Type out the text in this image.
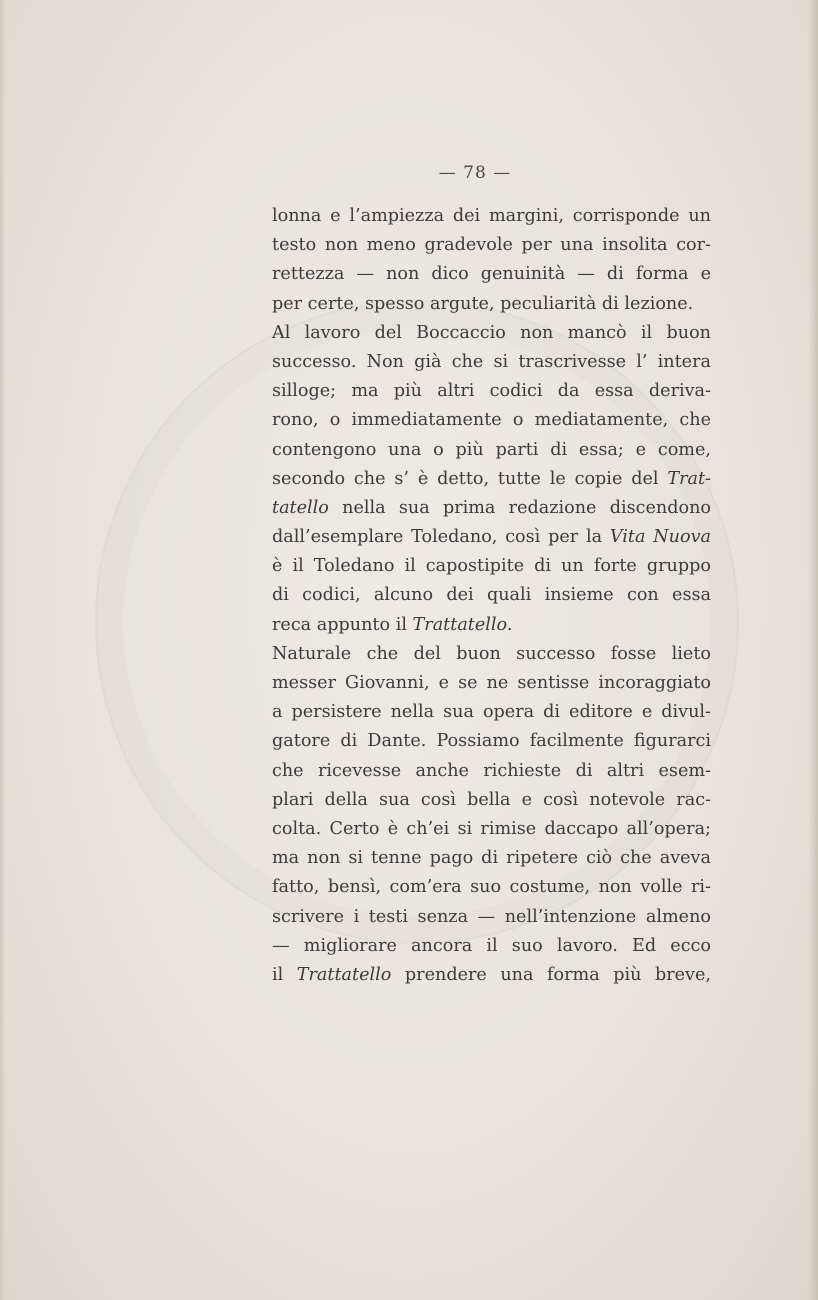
— 78 —
lonna e l’ampiezza dei margini, corrisponde un
testo non meno gradevole per una insolita cor-
rettezza — non dico genuinità — di forma e
per certe, spesso argute, peculiarità di lezione.
Al lavoro del Boccaccio non mancò il buon
successo. Non già che si trascrivesse l’ intera
silloge; ma più altri codici da essa deriva-
rono, o immediatamente o mediatamente, che
contengono una o più parti di essa; e come,
secondo che s’ è detto, tutte le copie del Trat-
tatello nella sua prima redazione discendono
dall’esemplare Toledano, così per la Vita Nuova
è il Toledano il capostipite di un forte gruppo
di codici, alcuno dei quali insieme con essa
reca appunto il Trattatello.
Naturale che del buon successo fosse lieto
messer Giovanni, e se ne sentisse incoraggiato
a persistere nella sua opera di editore e divul-
gatore di Dante. Possiamo facilmente figurarci
che ricevesse anche richieste di altri esem-
plari della sua così bella e così notevole rac-
colta. Certo è ch’ei si rimise daccapo all’opera;
ma non si tenne pago di ripetere ciò che aveva
fatto, bensì, com’era suo costume, non volle ri-
scrivere i testi senza — nell’intenzione almeno
— migliorare ancora il suo lavoro. Ed ecco
il Trattatello prendere una forma più breve,
